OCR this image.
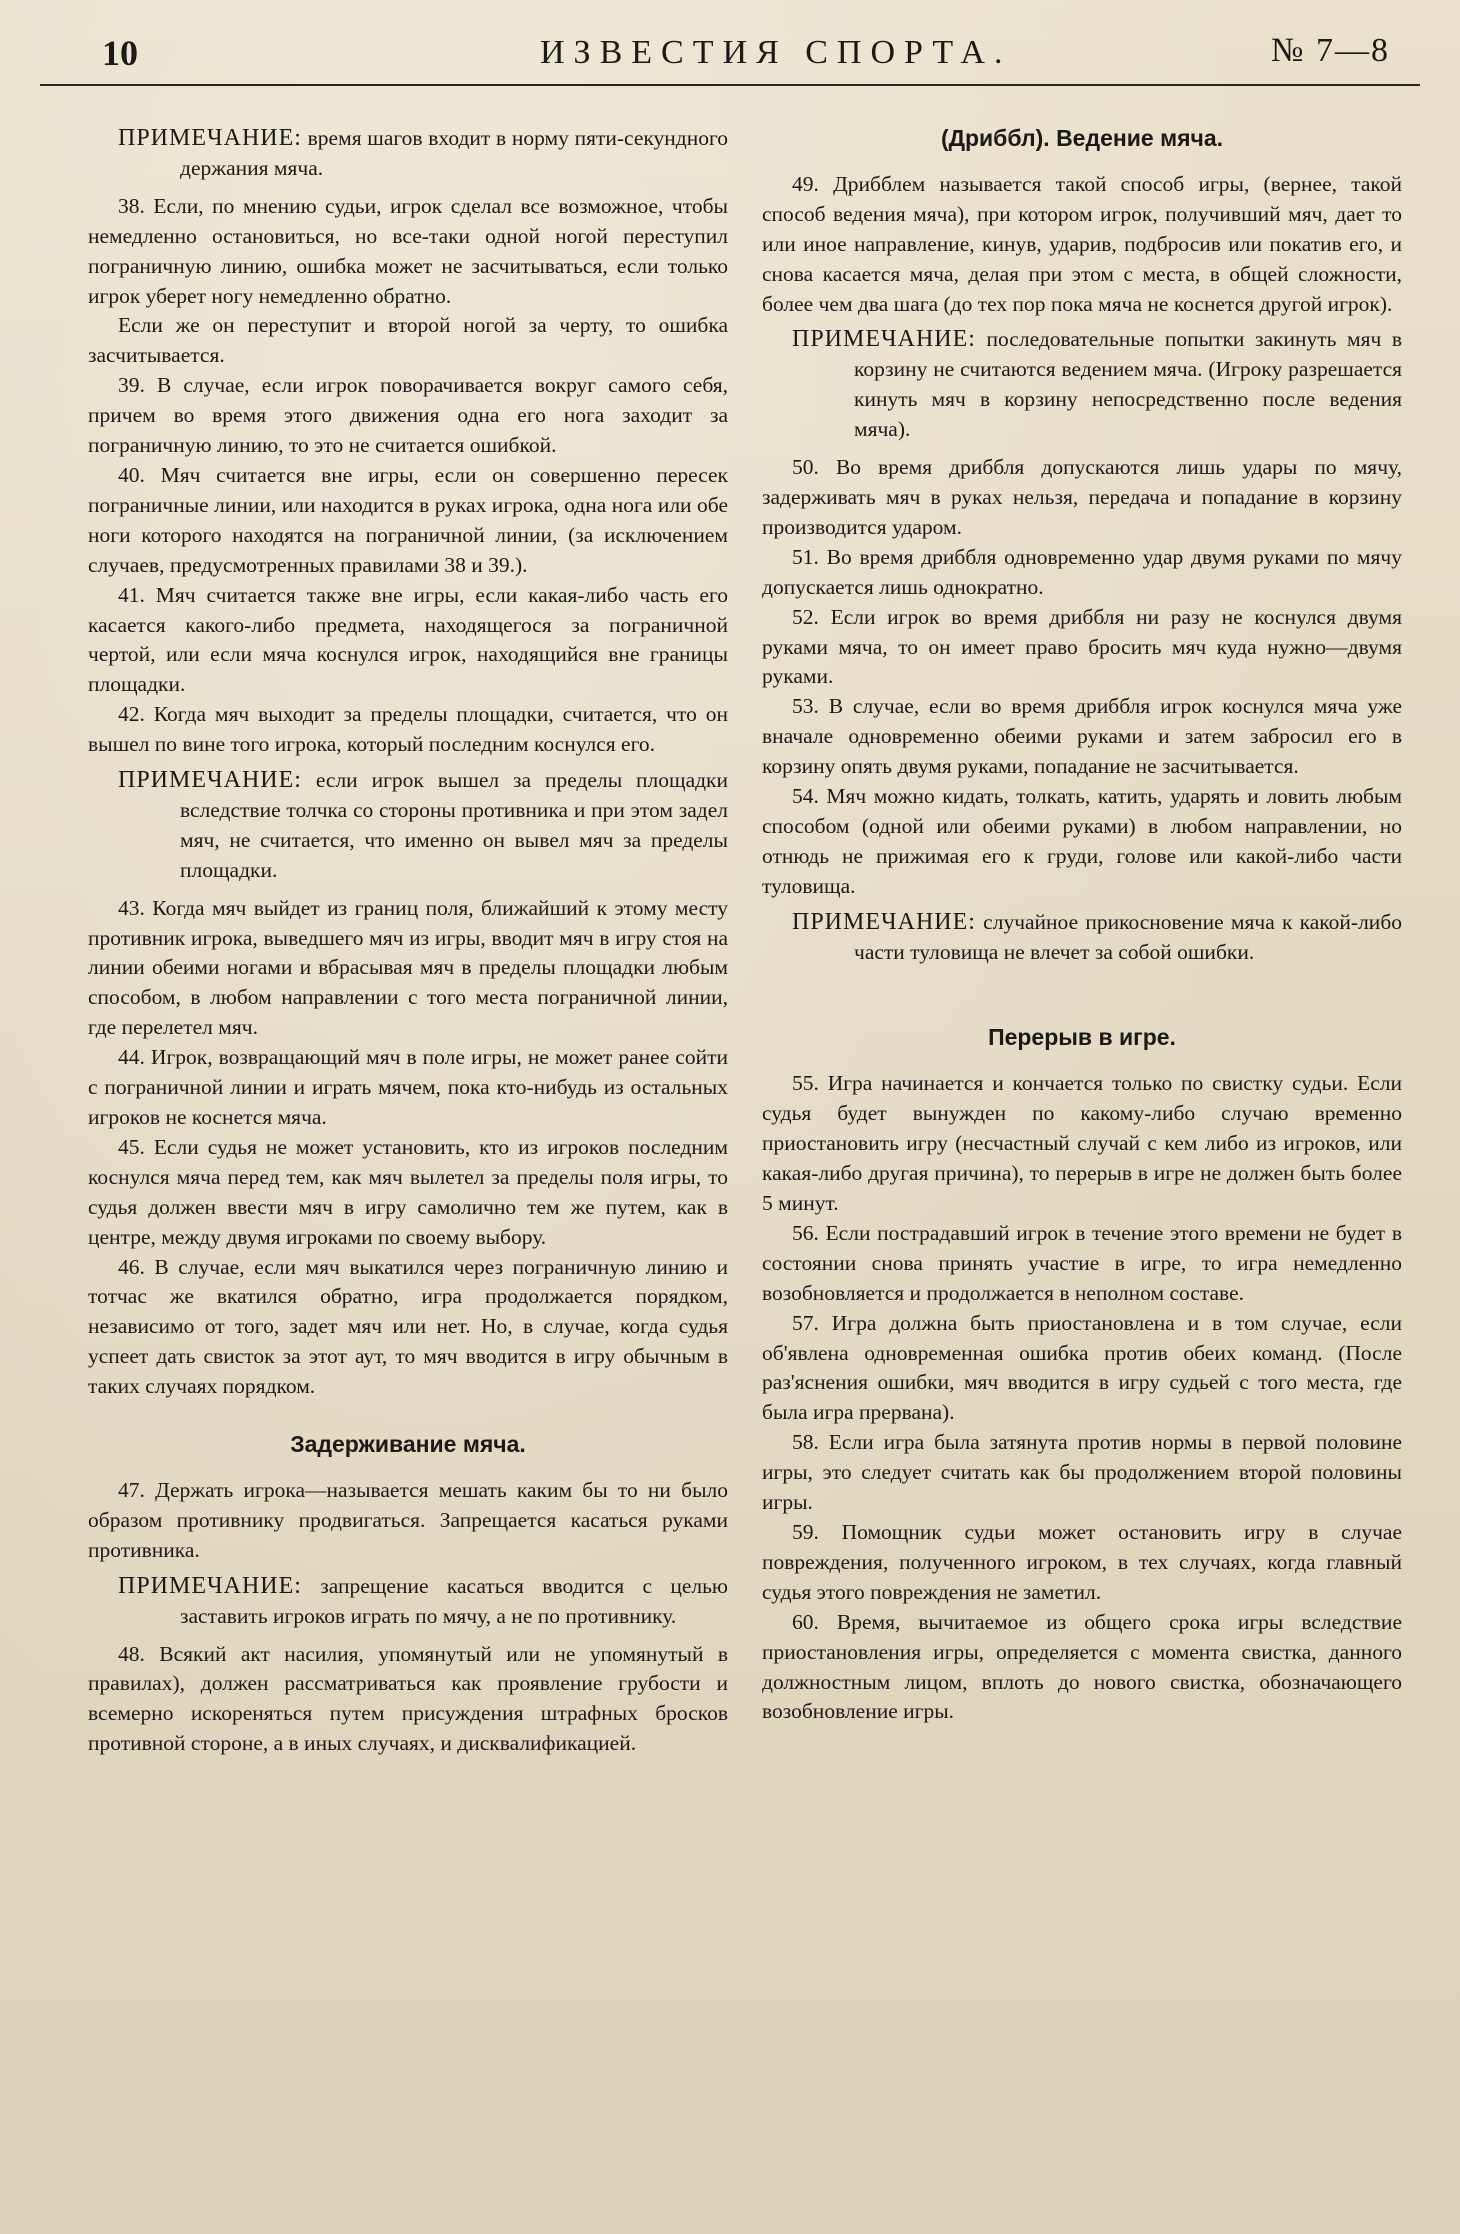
10	ИЗВЕСТИЯ СПОРТА.	№ 7—8

ПРИМЕЧАНИЕ: время шагов входит в норму пяти-секундного держания мяча.

38. Если, по мнению судьи, игрок сделал все возможное, чтобы немедленно остановиться, но все-таки одной ногой переступил пограничную линию, ошибка может не засчитываться, если только игрок уберет ногу немедленно обратно.

Если же он переступит и второй ногой за черту, то ошибка засчитывается.

39. В случае, если игрок поворачивается вокруг самого себя, причем во время этого движения одна его нога заходит за пограничную линию, то это не считается ошибкой.

40. Мяч считается вне игры, если он совершенно пересек пограничные линии, или находится в руках игрока, одна нога или обе ноги которого находятся на пограничной линии, (за исключением случаев, предусмотренных правилами 38 и 39.).

41. Мяч считается также вне игры, если какая-либо часть его касается какого-либо предмета, находящегося за пограничной чертой, или если мяча коснулся игрок, находящийся вне границы площадки.

42. Когда мяч выходит за пределы площадки, считается, что он вышел по вине того игрока, который последним коснулся его.

ПРИМЕЧАНИЕ: если игрок вышел за пределы площадки вследствие толчка со стороны противника и при этом задел мяч, не считается, что именно он вывел мяч за пределы площадки.

43. Когда мяч выйдет из границ поля, ближайший к этому месту противник игрока, выведшего мяч из игры, вводит мяч в игру стоя на линии обеими ногами и вбрасывая мяч в пределы площадки любым способом, в любом направлении с того места пограничной линии, где перелетел мяч.

44. Игрок, возвращающий мяч в поле игры, не может ранее сойти с пограничной линии и играть мячем, пока кто-нибудь из остальных игроков не коснется мяча.

45. Если судья не может установить, кто из игроков последним коснулся мяча перед тем, как мяч вылетел за пределы поля игры, то судья должен ввести мяч в игру самолично тем же путем, как в центре, между двумя игроками по своему выбору.

46. В случае, если мяч выкатился через пограничную линию и тотчас же вкатился обратно, игра продолжается порядком, независимо от того, задет мяч или нет. Но, в случае, когда судья успеет дать свисток за этот аут, то мяч вводится в игру обычным в таких случаях порядком.

Задерживание мяча.

47. Держать игрока—называется мешать каким бы то ни было образом противнику продвигаться. Запрещается касаться руками противника.

ПРИМЕЧАНИЕ: запрещение касаться вводится с целью заставить игроков играть по мячу, а не по противнику.

48. Всякий акт насилия, упомянутый или не упомянутый в правилах), должен рассматриваться как проявление грубости и всемерно искореняться путем присуждения штрафных бросков противной стороне, а в иных случаях, и дисквалификацией.

(Дриббл). Ведение мяча.

49. Дрибблем называется такой способ игры, (вернее, такой способ ведения мяча), при котором игрок, получивший мяч, дает то или иное направление, кинув, ударив, подбросив или покатив его, и снова касается мяча, делая при этом с места, в общей сложности, более чем два шага (до тех пор пока мяча не коснется другой игрок).

ПРИМЕЧАНИЕ: последовательные попытки закинуть мяч в корзину не считаются ведением мяча. (Игроку разрешается кинуть мяч в корзину непосредственно после ведения мяча).

50. Во время дриббля допускаются лишь удары по мячу, задерживать мяч в руках нельзя, передача и попадание в корзину производится ударом.

51. Во время дриббля одновременно удар двумя руками по мячу допускается лишь однократно.

52. Если игрок во время дриббля ни разу не коснулся двумя руками мяча, то он имеет право бросить мяч куда нужно—двумя руками.

53. В случае, если во время дриббля игрок коснулся мяча уже вначале одновременно обеими руками и затем забросил его в корзину опять двумя руками, попадание не засчитывается.

54. Мяч можно кидать, толкать, катить, ударять и ловить любым способом (одной или обеими руками) в любом направлении, но отнюдь не прижимая его к груди, голове или какой-либо части туловища.

ПРИМЕЧАНИЕ: случайное прикосновение мяча к какой-либо части туловища не влечет за собой ошибки.

Перерыв в игре.

55. Игра начинается и кончается только по свистку судьи. Если судья будет вынужден по какому-либо случаю временно приостановить игру (несчастный случай с кем либо из игроков, или какая-либо другая причина), то перерыв в игре не должен быть более 5 минут.

56. Если пострадавший игрок в течение этого времени не будет в состоянии снова принять участие в игре, то игра немедленно возобновляется и продолжается в неполном составе.

57. Игра должна быть приостановлена и в том случае, если об'явлена одновременная ошибка против обеих команд. (После раз'яснения ошибки, мяч вводится в игру судьей с того места, где была игра прервана).

58. Если игра была затянута против нормы в первой половине игры, это следует считать как бы продолжением второй половины игры.

59. Помощник судьи может остановить игру в случае повреждения, полученного игроком, в тех случаях, когда главный судья этого повреждения не заметил.

60. Время, вычитаемое из общего срока игры вследствие приостановления игры, определяется с момента свистка, данного должностным лицом, вплоть до нового свистка, обозначающего возобновление игры.
